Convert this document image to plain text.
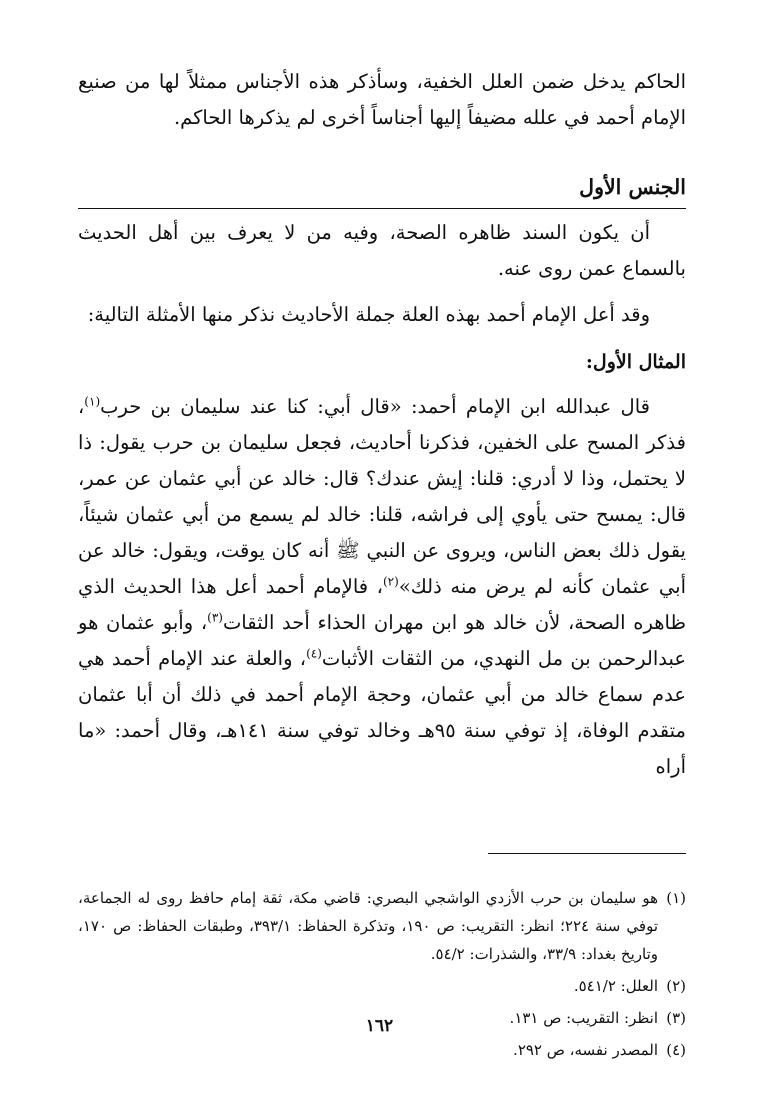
الحاكم يدخل ضمن العلل الخفية، وسأذكر هذه الأجناس ممثلاً لها من صنيع الإمام أحمد في علله مضيفاً إليها أجناساً أخرى لم يذكرها الحاكم.

الجنس الأول

أن يكون السند ظاهره الصحة، وفيه من لا يعرف بين أهل الحديث بالسماع عمن روى عنه.

وقد أعل الإمام أحمد بهذه العلة جملة الأحاديث نذكر منها الأمثلة التالية:

المثال الأول:

قال عبدالله ابن الإمام أحمد: «قال أبي: كنا عند سليمان بن حرب$^{(١)}$، فذكر المسح على الخفين، فذكرنا أحاديث، فجعل سليمان بن حرب يقول: ذا لا يحتمل، وذا لا أدري: قلنا: إيش عندك؟ قال: خالد عن أبي عثمان عن عمر، قال: يمسح حتى يأوي إلى فراشه، قلنا: خالد لم يسمع من أبي عثمان شيئاً، يقول ذلك بعض الناس، ويروى عن النبي ﷺ أنه كان يوقت، ويقول: خالد عن أبي عثمان كأنه لم يرض منه ذلك»$^{(٢)}$، فالإمام أحمد أعل هذا الحديث الذي ظاهره الصحة، لأن خالد هو ابن مهران الحذاء أحد الثقات$^{(٣)}$، وأبو عثمان هو عبدالرحمن بن مل النهدي، من الثقات الأثبات$^{(٤)}$، والعلة عند الإمام أحمد هي عدم سماع خالد من أبي عثمان، وحجة الإمام أحمد في ذلك أن أبا عثمان متقدم الوفاة، إذ توفي سنة ٩٥هـ وخالد توفي سنة ١٤١هـ، وقال أحمد: «ما أراه

(١)
هو سليمان بن حرب الأزدي الواشجي البصري: قاضي مكة، ثقة إمام حافظ روى له الجماعة، توفي سنة ٢٢٤؛ انظر: التقريب: ص ١٩٠، وتذكرة الحفاظ: ٣٩٣/١، وطبقات الحفاظ: ص ١٧٠، وتاريخ بغداد: ٣٣/٩، والشذرات: ٥٤/٢.
(٢)
العلل: ٥٤١/٢.
(٣)
انظر: التقريب: ص ١٣١.
(٤)
المصدر نفسه، ص ٢٩٢.
١٦٢
